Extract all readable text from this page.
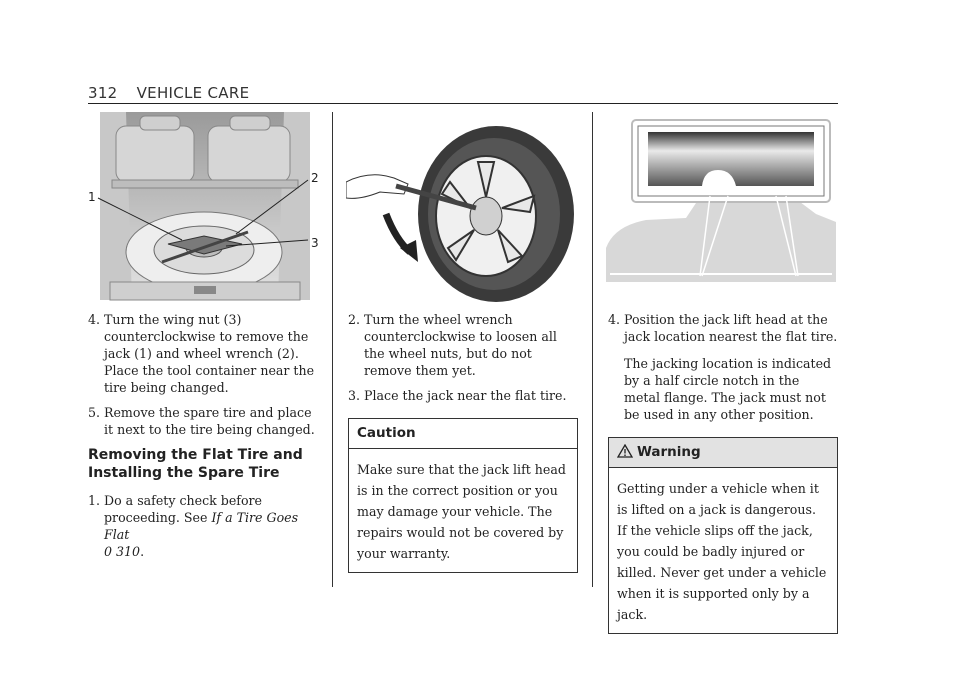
312 VEHICLE CARE
1
2
3
4. Turn the wing nut (3) counterclockwise to remove the jack (1) and wheel wrench (2). Place the tool container near the tire being changed.

5. Remove the spare tire and place it next to the tire being changed.

Removing the Flat Tire and Installing the Spare Tire
1. Do a safety check before proceeding. See If a Tire Goes Flat
0 310.

2. Turn the wheel wrench counterclockwise to loosen all the wheel nuts, but do not remove them yet.

3. Place the jack near the flat tire.

Caution
Make sure that the jack lift head is in the correct position or you may damage your vehicle. The repairs would not be covered by your warranty.
4. Position the jack lift head at the jack location nearest the flat tire.

The jacking location is indicated by a half circle notch in the metal flange. The jack must not be used in any other position.

Warning
Getting under a vehicle when it is lifted on a jack is dangerous. If the vehicle slips off the jack, you could be badly injured or killed. Never get under a vehicle when it is supported only by a jack.
